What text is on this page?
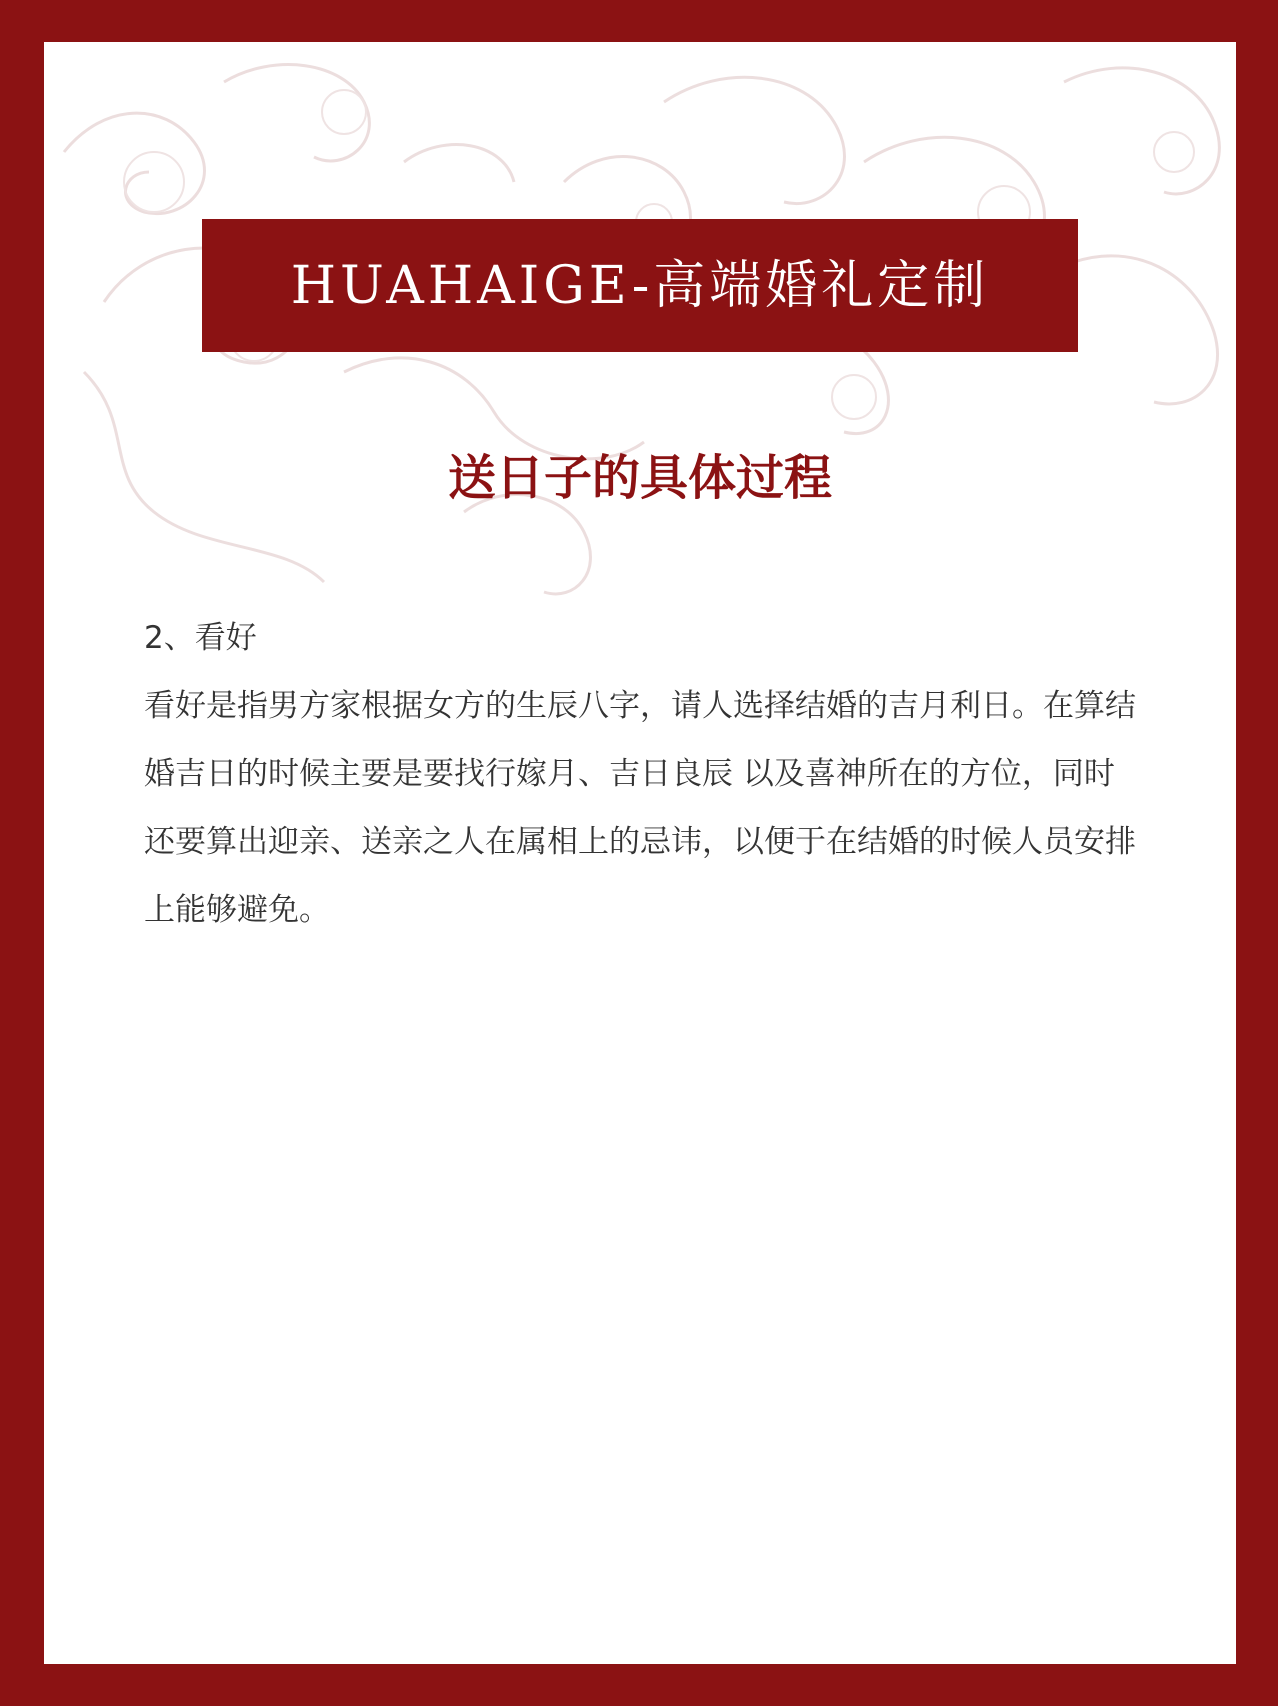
HUAHAIGE-高端婚礼定制
送日子的具体过程

2、看好

看好是指男方家根据女方的生辰八字，请人选择结婚的吉月利日。在算结婚吉日的时候主要是要找行嫁月、吉日良辰 以及喜神所在的方位，同时还要算出迎亲、送亲之人在属相上的忌讳，以便于在结婚的时候人员安排上能够避免。
